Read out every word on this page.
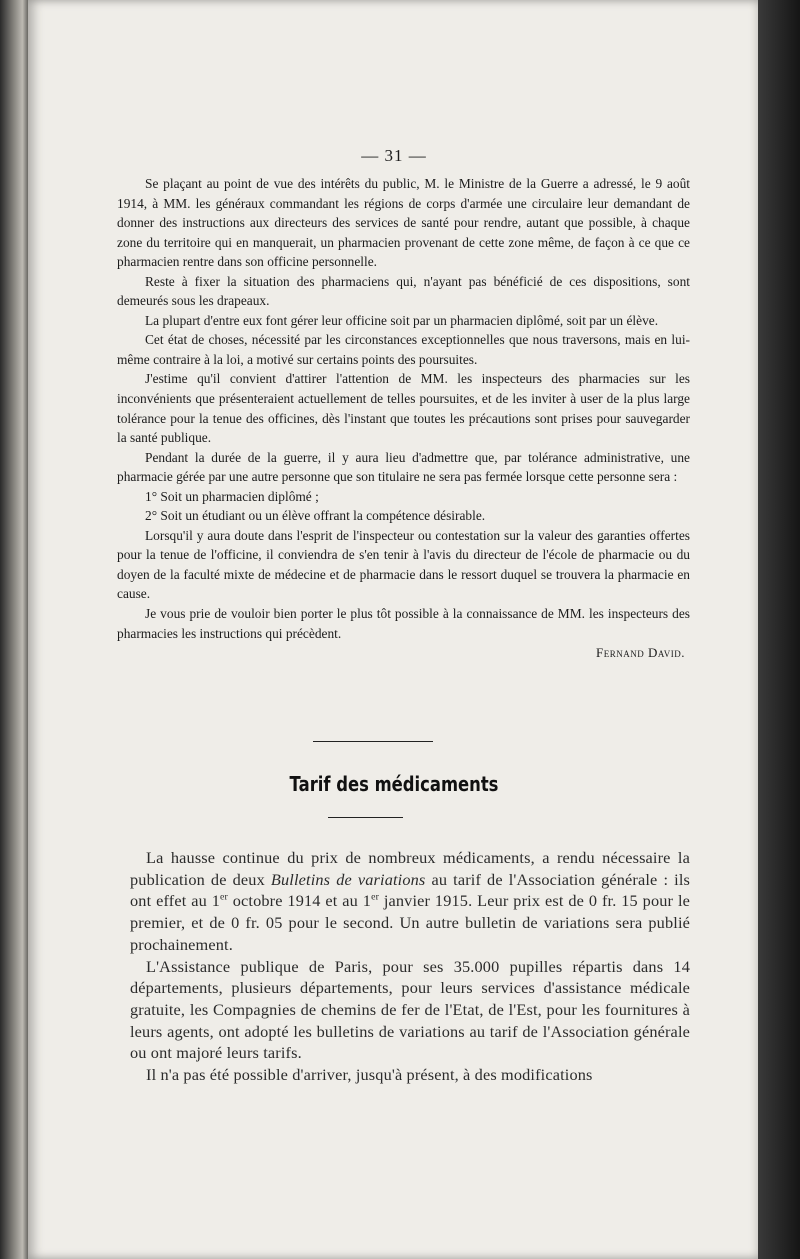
— 31 —

Se plaçant au point de vue des intérêts du public, M. le Ministre de la Guerre a adressé, le 9 août 1914, à MM. les généraux commandant les régions de corps d'armée une circulaire leur demandant de donner des instructions aux directeurs des services de santé pour rendre, autant que possible, à chaque zone du territoire qui en manquerait, un pharmacien provenant de cette zone même, de façon à ce que ce pharmacien rentre dans son officine personnelle.

Reste à fixer la situation des pharmaciens qui, n'ayant pas bénéficié de ces dispositions, sont demeurés sous les drapeaux.

La plupart d'entre eux font gérer leur officine soit par un pharmacien diplômé, soit par un élève.

Cet état de choses, nécessité par les circonstances exceptionnelles que nous traversons, mais en lui-même contraire à la loi, a motivé sur certains points des poursuites.

J'estime qu'il convient d'attirer l'attention de MM. les inspecteurs des pharmacies sur les inconvénients que présenteraient actuellement de telles poursuites, et de les inviter à user de la plus large tolérance pour la tenue des officines, dès l'instant que toutes les précautions sont prises pour sauvegarder la santé publique.

Pendant la durée de la guerre, il y aura lieu d'admettre que, par tolérance administrative, une pharmacie gérée par une autre personne que son titulaire ne sera pas fermée lorsque cette personne sera :

1° Soit un pharmacien diplômé ;

2° Soit un étudiant ou un élève offrant la compétence désirable.

Lorsqu'il y aura doute dans l'esprit de l'inspecteur ou contestation sur la valeur des garanties offertes pour la tenue de l'officine, il conviendra de s'en tenir à l'avis du directeur de l'école de pharmacie ou du doyen de la faculté mixte de médecine et de pharmacie dans le ressort duquel se trouvera la pharmacie en cause.

Je vous prie de vouloir bien porter le plus tôt possible à la connaissance de MM. les inspecteurs des pharmacies les instructions qui précèdent.

Fernand David.
Tarif des médicaments

La hausse continue du prix de nombreux médicaments, a rendu nécessaire la publication de deux Bulletins de variations au tarif de l'Association générale : ils ont effet au 1er octobre 1914 et au 1er janvier 1915. Leur prix est de 0 fr. 15 pour le premier, et de 0 fr. 05 pour le second. Un autre bulletin de variations sera publié prochainement.

L'Assistance publique de Paris, pour ses 35.000 pupilles répartis dans 14 départements, plusieurs départements, pour leurs services d'assistance médicale gratuite, les Compagnies de chemins de fer de l'Etat, de l'Est, pour les fournitures à leurs agents, ont adopté les bulletins de variations au tarif de l'Association générale ou ont majoré leurs tarifs.

Il n'a pas été possible d'arriver, jusqu'à présent, à des modifications
